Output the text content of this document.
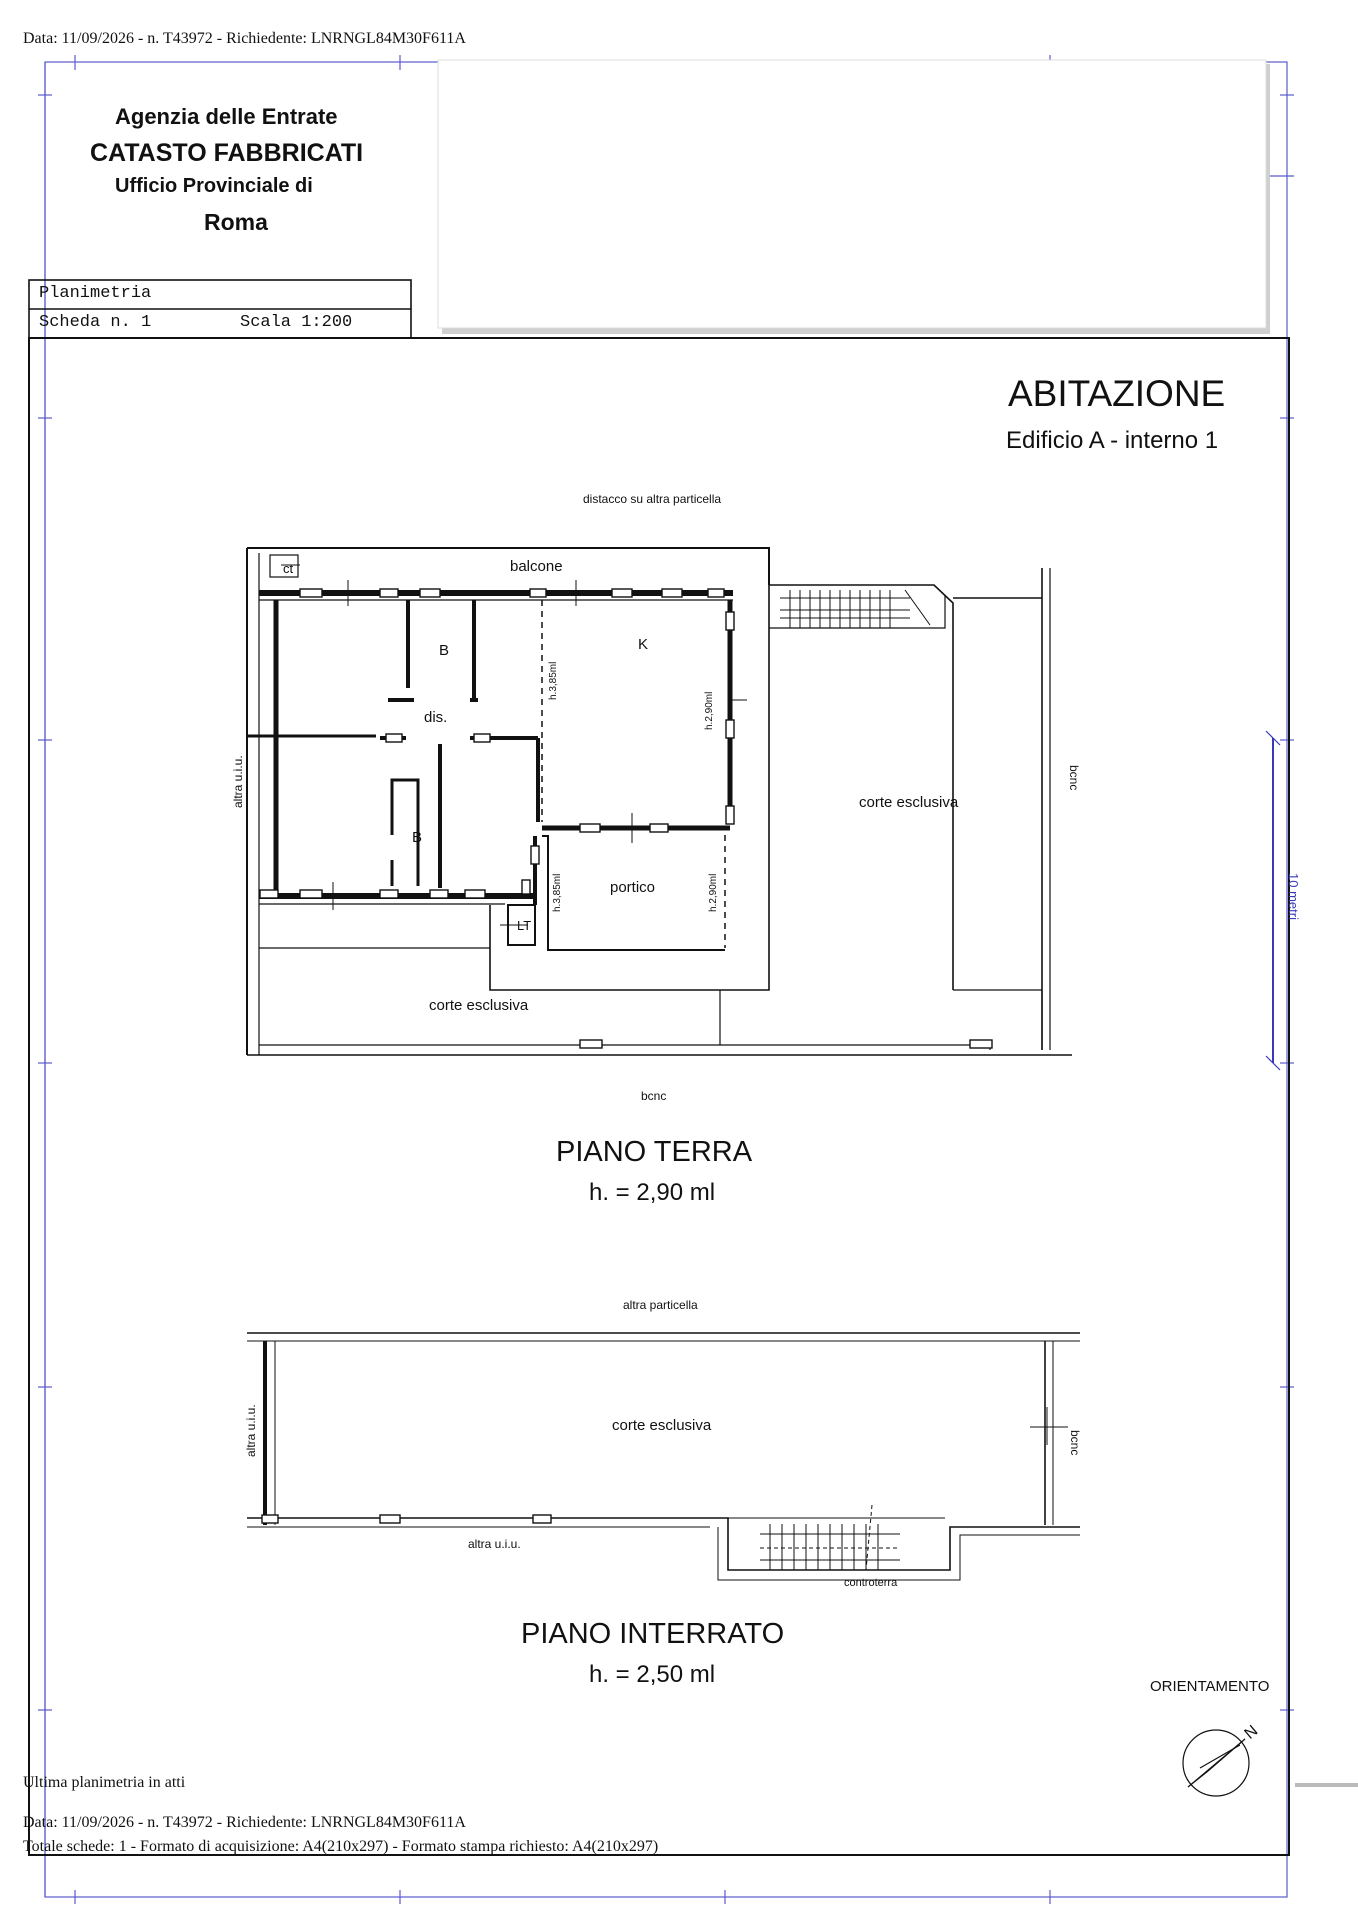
Data: 11/09/2026 - n. T43972 - Richiedente: LNRNGL84M30F611A
Agenzia delle Entrate
CATASTO FABBRICATI
Ufficio Provinciale di
Roma
Planimetria
Scheda n. 1	Scala 1:200
ABITAZIONE
Edificio A - interno 1
distacco su altra particella
balcone
ct
B	K
dis.
B
portico
LT
corte esclusiva
corte esclusiva
bcnc
h.3,85ml
h.2,90ml
h.3,85ml	h.2,90ml
altra u.i.u.	bcnc
10 metri
PIANO TERRA
h. = 2,90 ml
altra particella
corte esclusiva
altra u.i.u.
altra u.i.u.
bcnc
controterra
PIANO INTERRATO
h. = 2,50 ml	ORIENTAMENTO
N
Ultima planimetria in atti
Data: 11/09/2026 - n. T43972 - Richiedente: LNRNGL84M30F611A
Totale schede: 1 - Formato di acquisizione: A4(210x297) - Formato stampa richiesto: A4(210x297)
